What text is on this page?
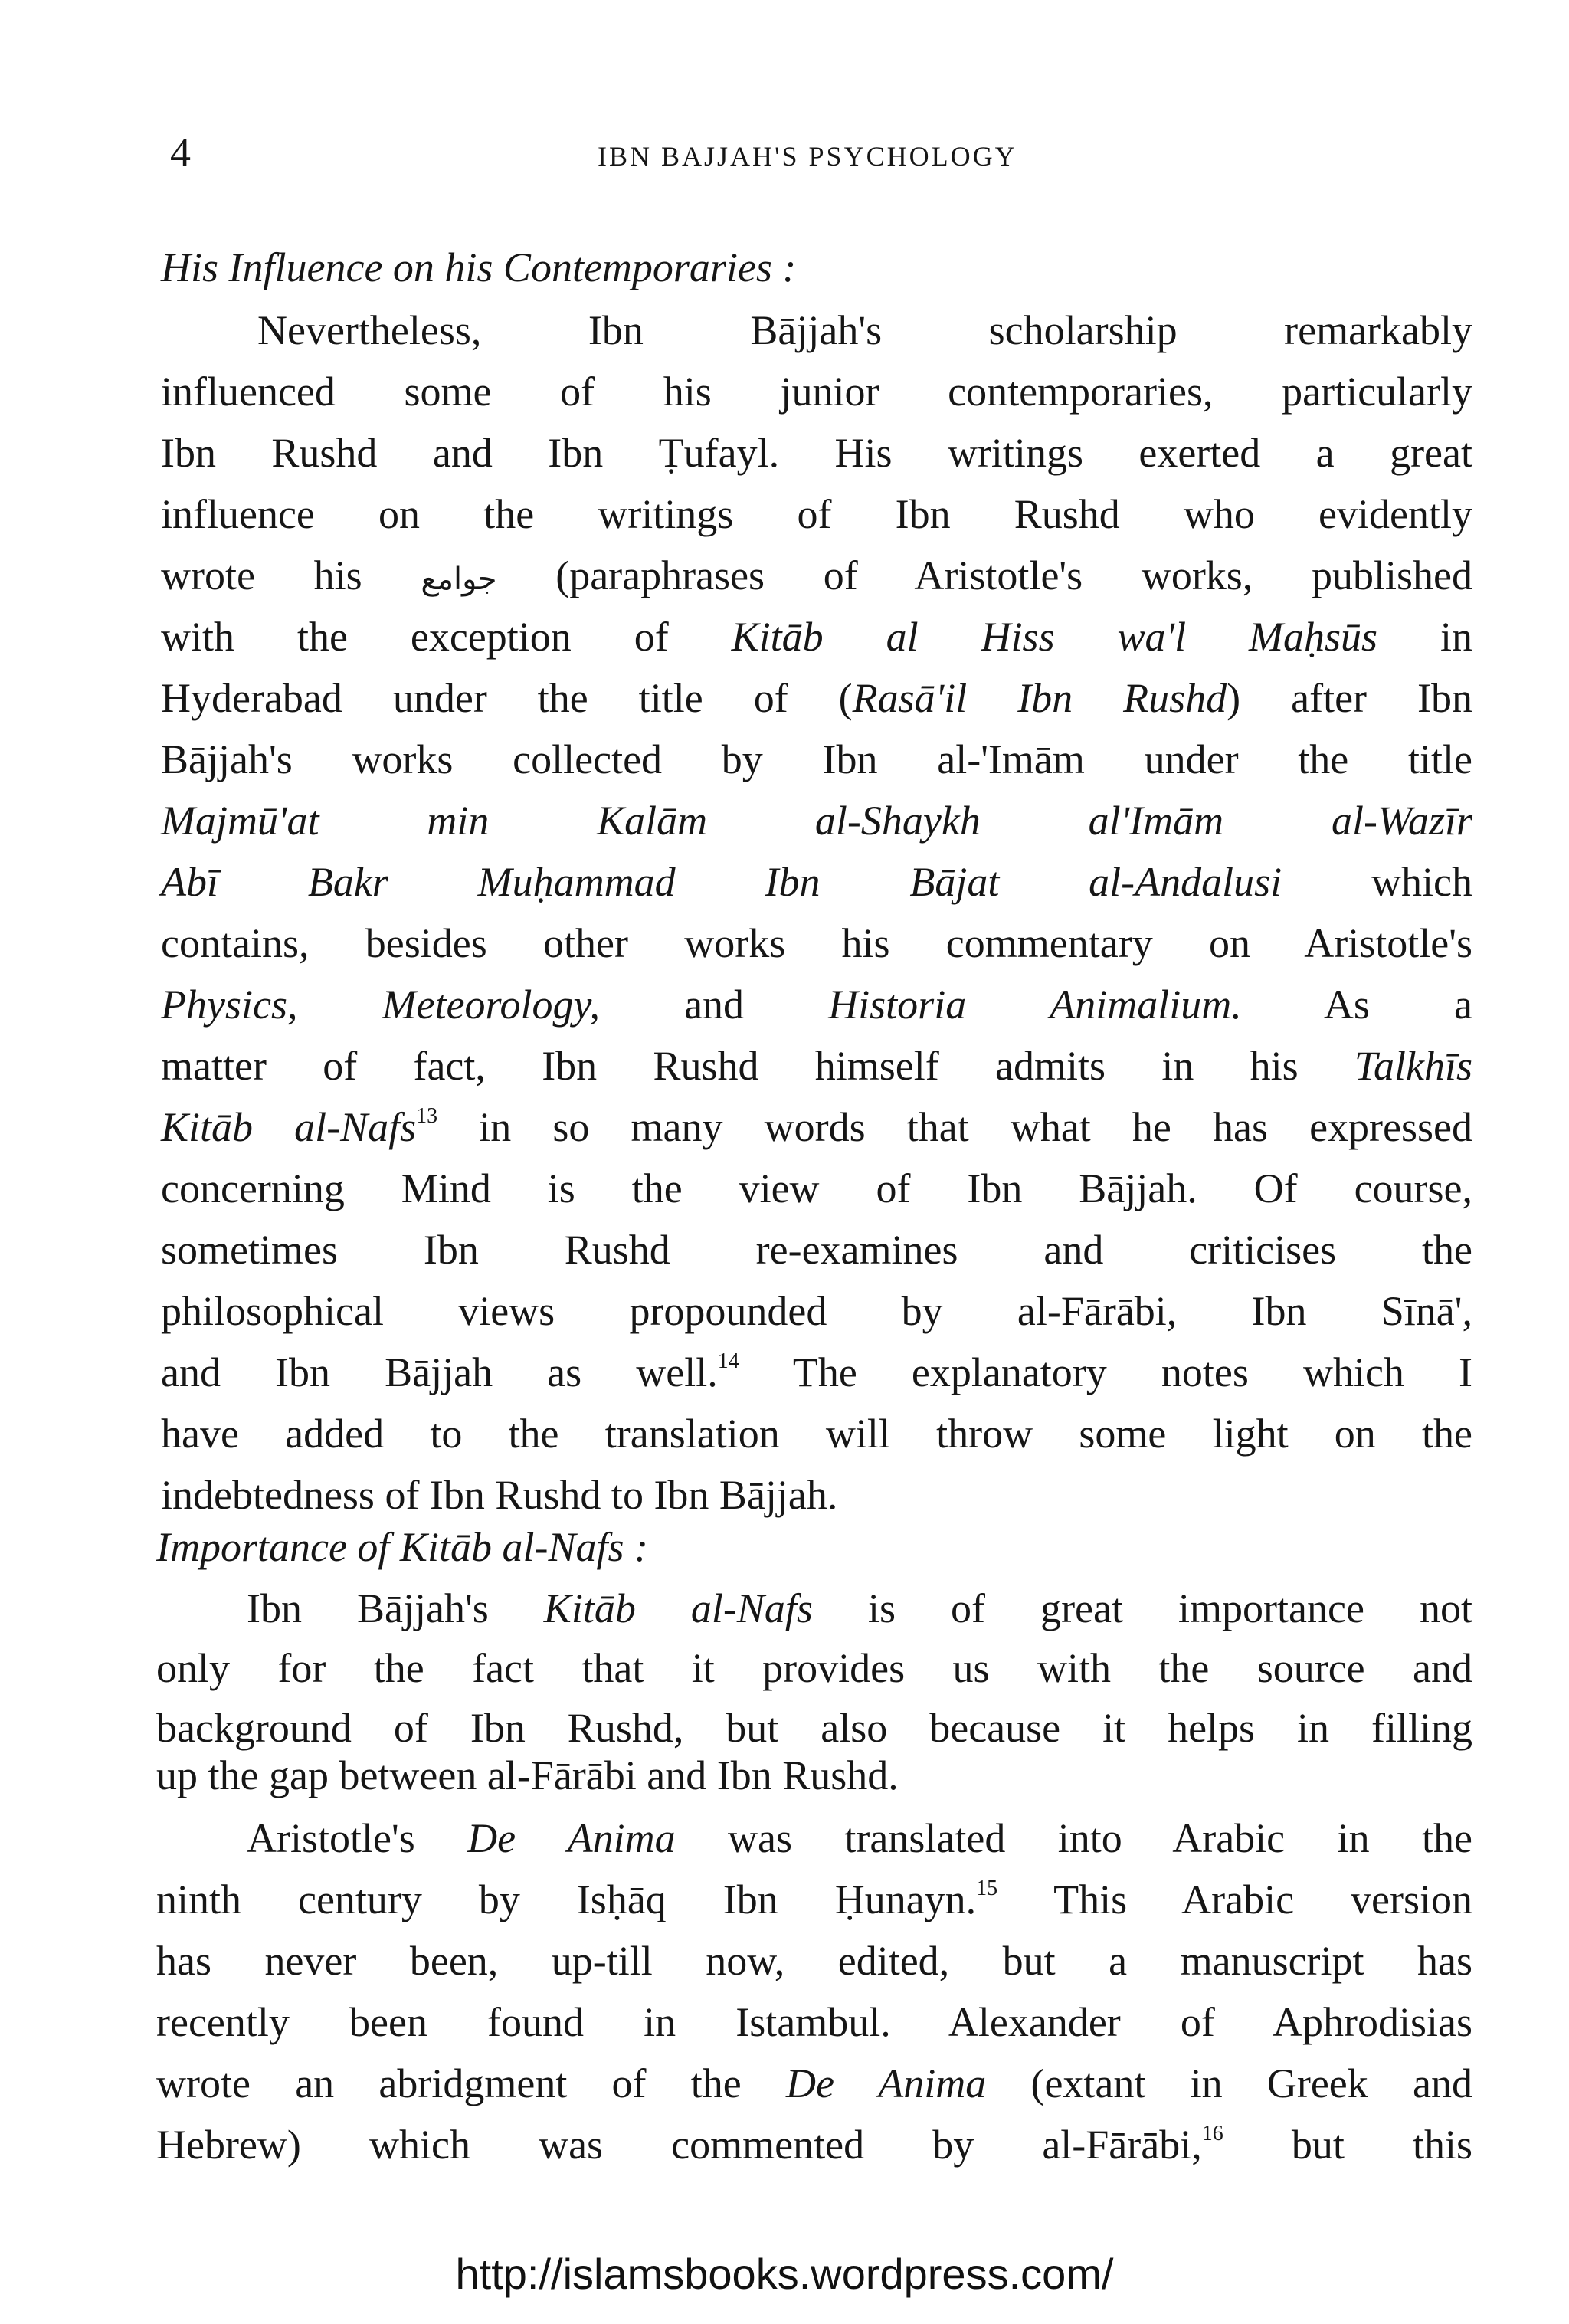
4	IBN BAJJAH'S PSYCHOLOGY
His Influence on his Contemporaries :
Nevertheless, Ibn Bājjah's scholarship remarkably
influenced some of his junior contemporaries, particularly
Ibn Rushd and Ibn Ṭufayl. His writings exerted a great
influence on the writings of Ibn Rushd who evidently
wrote his جوامع (paraphrases of Aristotle's works, published
with the exception of Kitāb al Hiss wa'l Maḥsūs in
Hyderabad under the title of (Rasā'il Ibn Rushd) after Ibn
Bājjah's works collected by Ibn al-'Imām under the title
Majmū'at min Kalām al-Shaykh al'Imām al-Wazīr
Abī Bakr Muḥammad Ibn Bājat al-Andalusi which
contains, besides other works his commentary on Aristotle's
Physics, Meteorology, and Historia Animalium. As a
matter of fact, Ibn Rushd himself admits in his Talkhīs
Kitāb al-Nafs$^{13}$ in so many words that what he has expressed
concerning Mind is the view of Ibn Bājjah. Of course,
sometimes Ibn Rushd re-examines and criticises the
philosophical views propounded by al-Fārābi, Ibn Sīnā',
and Ibn Bājjah as well.$^{14}$ The explanatory notes which I
have added to the translation will throw some light on the
indebtedness of Ibn Rushd to Ibn Bājjah.
Importance of Kitāb al-Nafs :
Ibn Bājjah's Kitāb al-Nafs is of great importance not
only for the fact that it provides us with the source and
background of Ibn Rushd, but also because it helps in filling
up the gap between al-Fārābi and Ibn Rushd.
Aristotle's De Anima was translated into Arabic in the
ninth century by Isḥāq Ibn Ḥunayn.$^{15}$ This Arabic version
has never been, up-till now, edited, but a manuscript has
recently been found in Istambul. Alexander of Aphrodisias
wrote an abridgment of the De Anima (extant in Greek and
Hebrew) which was commented by al-Fārābi,$^{16}$ but this
http://islamsbooks.wordpress.com/
